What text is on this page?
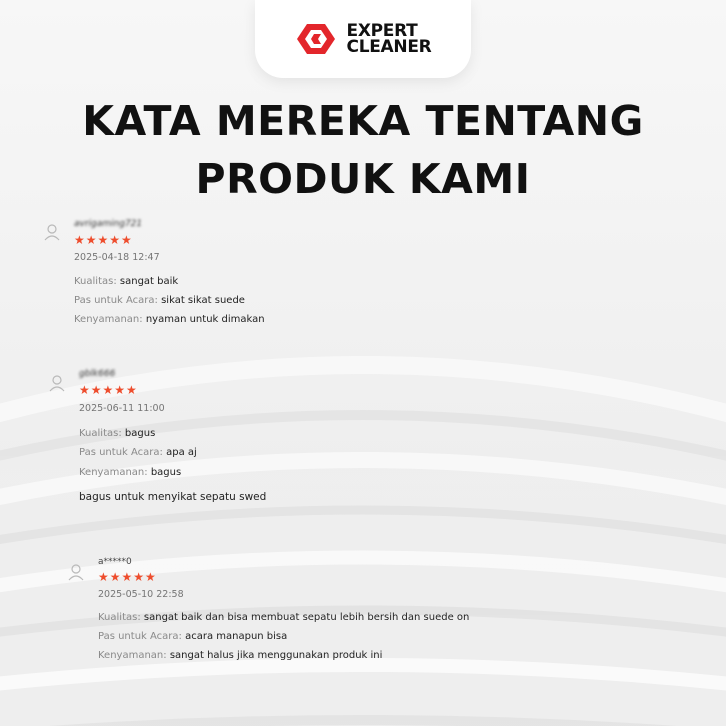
EXPERT
CLEANER
KATA MEREKA TENTANG
PRODUK KAMI
avrigaming721
★★★★★
2025-04-18 12:47
Kualitas: sangat baik
Pas untuk Acara: sikat sikat suede
Kenyamanan: nyaman untuk dimakan
gblk666
★★★★★
2025-06-11 11:00
Kualitas: bagus
Pas untuk Acara: apa aj
Kenyamanan: bagus
bagus untuk menyikat sepatu swed
a*****0
★★★★★
2025-05-10 22:58
Kualitas: sangat baik dan bisa membuat sepatu lebih bersih dan suede on
Pas untuk Acara: acara manapun bisa
Kenyamanan: sangat halus jika menggunakan produk ini
